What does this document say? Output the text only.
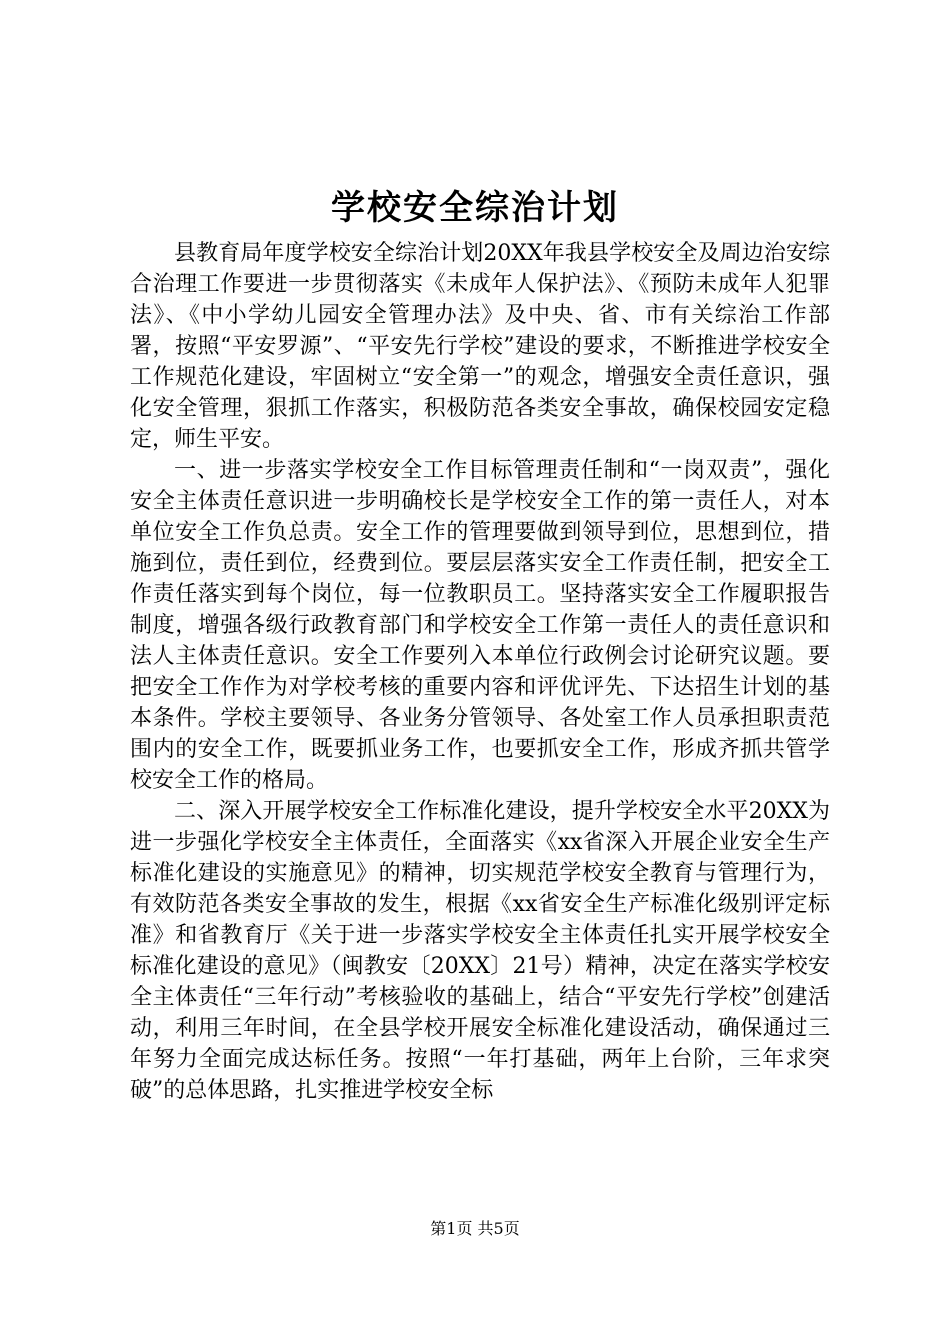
学校安全综治计划

县教育局年度学校安全综治计划20XX年我县学校安全及周边治安综合治理工作要进一步贯彻落实《未成年人保护法》、《预防未成年人犯罪法》、《中小学幼儿园安全管理办法》及中央、省、市有关综治工作部署，按照“平安罗源”、“平安先行学校”建设的要求，不断推进学校安全工作规范化建设，牢固树立“安全第一”的观念，增强安全责任意识，强化安全管理，狠抓工作落实，积极防范各类安全事故，确保校园安定稳定，师生平安。

一、进一步落实学校安全工作目标管理责任制和“一岗双责”，强化安全主体责任意识进一步明确校长是学校安全工作的第一责任人，对本单位安全工作负总责。安全工作的管理要做到领导到位，思想到位，措施到位，责任到位，经费到位。要层层落实安全工作责任制，把安全工作责任落实到每个岗位，每一位教职员工。坚持落实安全工作履职报告制度，增强各级行政教育部门和学校安全工作第一责任人的责任意识和法人主体责任意识。安全工作要列入本单位行政例会讨论研究议题。要把安全工作作为对学校考核的重要内容和评优评先、下达招生计划的基本条件。学校主要领导、各业务分管领导、各处室工作人员承担职责范围内的安全工作，既要抓业务工作，也要抓安全工作，形成齐抓共管学校安全工作的格局。

二、深入开展学校安全工作标准化建设，提升学校安全水平20XX为进一步强化学校安全主体责任，全面落实《xx省深入开展企业安全生产标准化建设的实施意见》的精神，切实规范学校安全教育与管理行为，有效防范各类安全事故的发生，根据《xx省安全生产标准化级别评定标准》和省教育厅《关于进一步落实学校安全主体责任扎实开展学校安全标准化建设的意见》（闽教安〔20XX〕21号）精神，决定在落实学校安全主体责任“三年行动”考核验收的基础上，结合“平安先行学校”创建活动，利用三年时间，在全县学校开展安全标准化建设活动，确保通过三年努力全面完成达标任务。按照“一年打基础，两年上台阶，三年求突破”的总体思路，扎实推进学校安全标

第1页 共5页
